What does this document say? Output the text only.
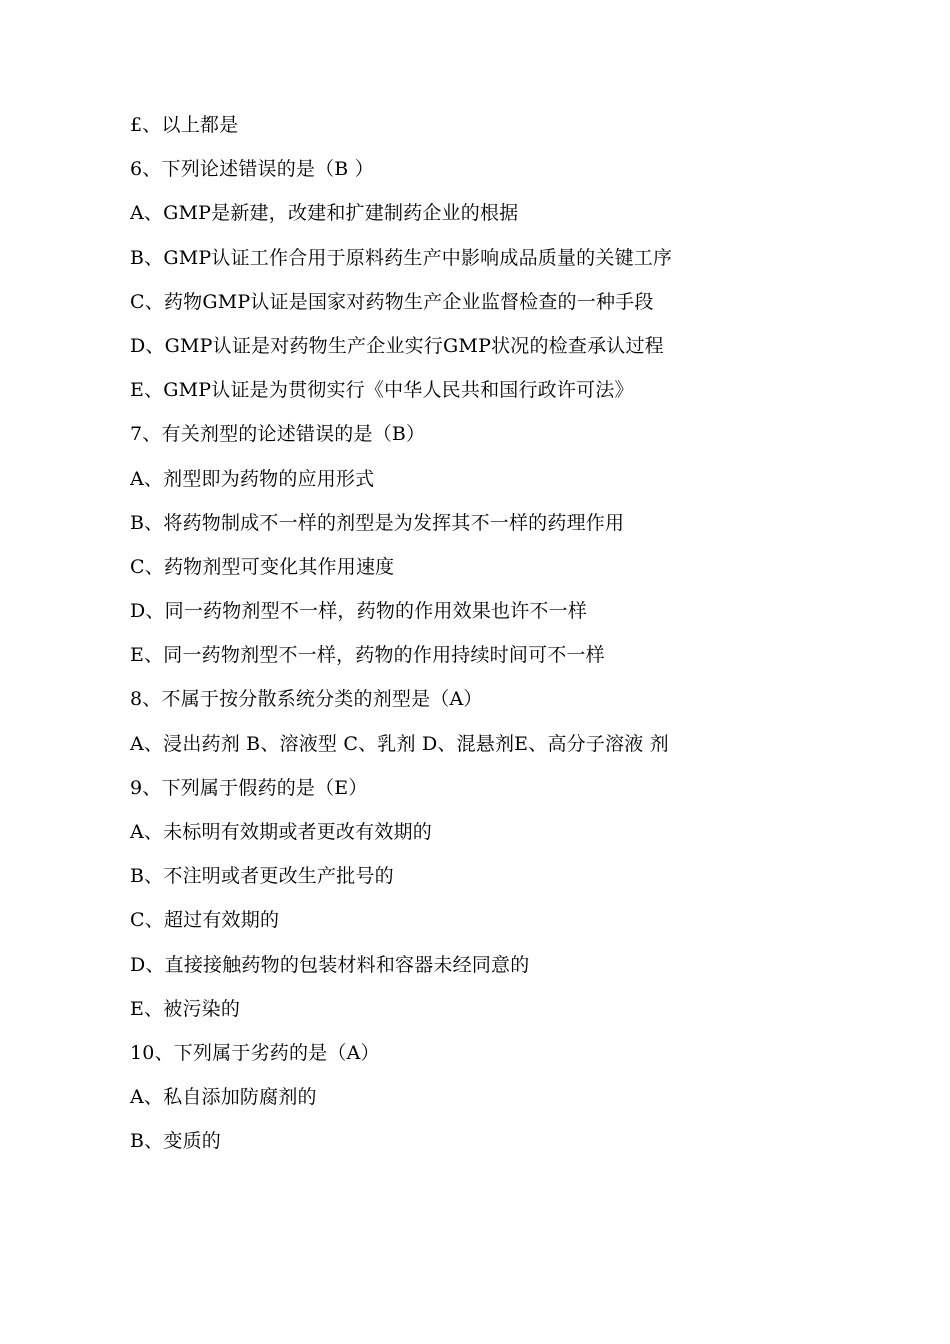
£、以上都是
6、下列论述错误的是（B ）
A、GMP是新建，改建和扩建制药企业的根据
B、GMP认证工作合用于原料药生产中影响成品质量的关键工序
C、药物GMP认证是国家对药物生产企业监督检查的一种手段
D、GMP认证是对药物生产企业实行GMP状况的检查承认过程
E、GMP认证是为贯彻实行《中华人民共和国行政许可法》
7、有关剂型的论述错误的是（B）
A、剂型即为药物的应用形式
B、将药物制成不一样的剂型是为发挥其不一样的药理作用
C、药物剂型可变化其作用速度
D、同一药物剂型不一样，药物的作用效果也许不一样
E、同一药物剂型不一样，药物的作用持续时间可不一样
8、不属于按分散系统分类的剂型是（A）
A、浸出药剂 B、溶液型 C、乳剂 D、混悬剂E、高分子溶液 剂
9、下列属于假药的是（E）
A、未标明有效期或者更改有效期的
B、不注明或者更改生产批号的
C、超过有效期的
D、直接接触药物的包装材料和容器未经同意的
E、被污染的
10、下列属于劣药的是（A）
A、私自添加防腐剂的
B、变质的
